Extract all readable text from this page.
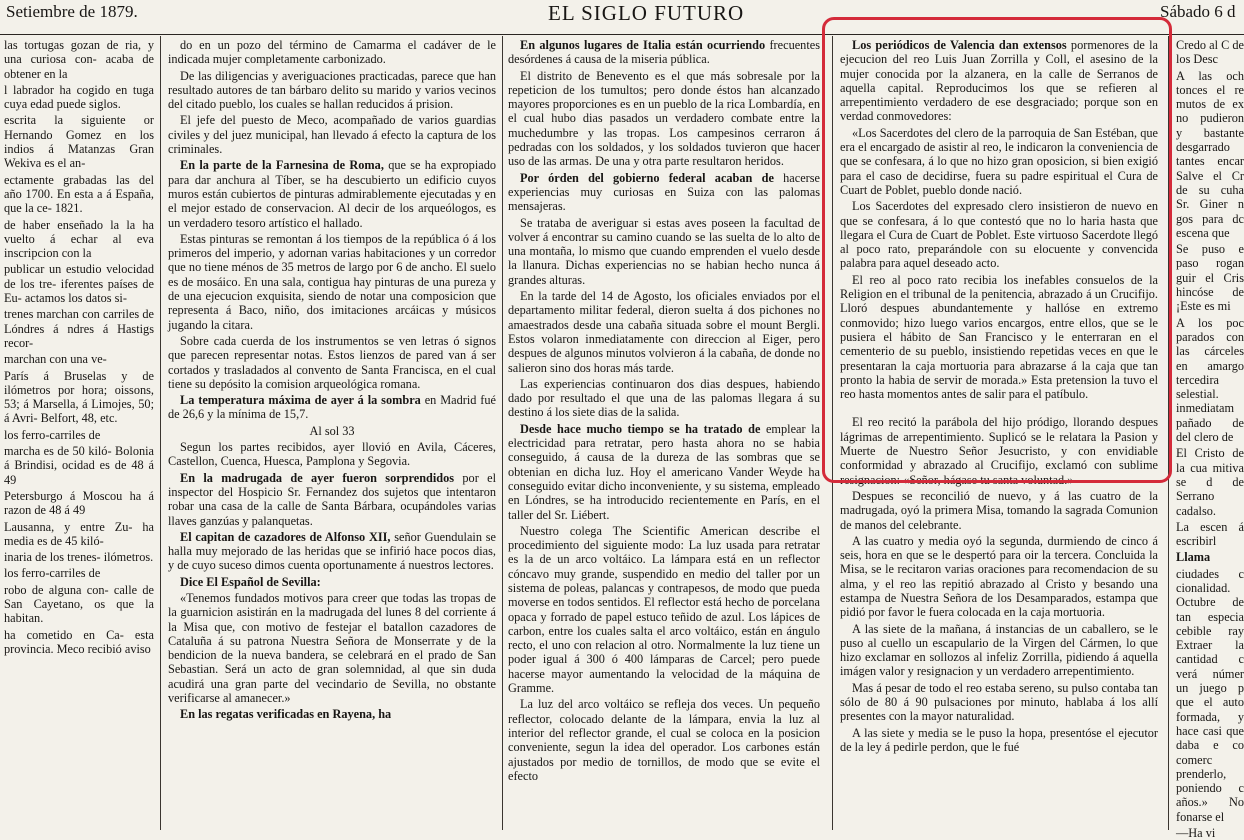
Setiembre de 1879.	EL SIGLO FUTURO	Sábado 6 d

las tortugas gozan de ria, y una curiosa con- acaba de obtener en la

l labrador ha cogido en tuga cuya edad puede siglos.

escrita la siguiente or Hernando Gomez en los indios á Matanzas Gran Wekiva es el an-

ectamente grabadas las del año 1700. En esta a á España, que la ce- 1821.

de haber enseñado la la ha vuelto á echar al eva inscripcion con la

publicar un estudio velocidad de los tre- iferentes países de Eu- actamos los datos si-

trenes marchan con carriles de Lóndres á ndres á Hastigs recor-

marchan con una ve-

París á Bruselas y de ilómetros por hora; oissons, 53; á Marsella, á Limojes, 50; á Avri- Belfort, 48, etc.

los ferro-carriles de

marcha es de 50 kiló- Bolonia á Brindisi, ocidad es de 48 á 49

Petersburgo á Moscou ha á razon de 48 á 49

Lausanna, y entre Zu- ha media es de 45 kiló-

inaria de los trenes- ilómetros.

los ferro-carriles de

robo de alguna con- calle de San Cayetano, os que la habitan.

ha cometido en Ca- esta provincia. Meco recibió aviso

do en un pozo del término de Camarma el cadáver de le indicada mujer completamente carbonizado.

De las diligencias y averiguaciones practicadas, parece que han resultado autores de tan bárbaro delito su marido y varios vecinos del citado pueblo, los cuales se hallan reducidos á prision.

El jefe del puesto de Meco, acompañado de varios guardias civiles y del juez municipal, han llevado á efecto la captura de los criminales.

En la parte de la Farnesina de Roma, que se ha expropiado para dar anchura al Tíber, se ha descubierto un edificio cuyos muros están cubiertos de pinturas admirablemente ejecutadas y en el mejor estado de conservacion. Al decir de los arqueólogos, es un verdadero tesoro artístico el hallado.

Estas pinturas se remontan á los tiempos de la república ó á los primeros del imperio, y adornan varias habitaciones y un corredor que no tiene ménos de 35 metros de largo por 6 de ancho. El suelo es de mosáico. En una sala, contigua hay pinturas de una pureza y de una ejecucion exquisita, siendo de notar una composicion que representa á Baco, niño, dos imitaciones arcáicas y músicos jugando la citara.

Sobre cada cuerda de los instrumentos se ven letras ó signos que parecen representar notas. Estos lienzos de pared van á ser cortados y trasladados al convento de Santa Francisca, en el cual tiene su depósito la comision arqueológica romana.

La temperatura máxima de ayer á la sombra en Madrid fué de 26,6 y la mínima de 15,7.

Al sol 33

Segun los partes recibidos, ayer llovió en Avila, Cáceres, Castellon, Cuenca, Huesca, Pamplona y Segovia.

En la madrugada de ayer fueron sorprendidos por el inspector del Hospicio Sr. Fernandez dos sujetos que intentaron robar una casa de la calle de Santa Bárbara, ocupándoles varias llaves ganzúas y palanquetas.

El capitan de cazadores de Alfonso XII, señor Guendulain se halla muy mejorado de las heridas que se infirió hace pocos dias, y de cuyo suceso dimos cuenta oportunamente á nuestros lectores.

Dice El Español de Sevilla:

«Tenemos fundados motivos para creer que todas las tropas de la guarnicion asistirán en la madrugada del lunes 8 del corriente á la Misa que, con motivo de festejar el batallon cazadores de Cataluña á su patrona Nuestra Señora de Monserrate y de la bendicion de la nueva bandera, se celebrará en el prado de San Sebastian. Será un acto de gran solemnidad, al que sin duda acudirá una gran parte del vecindario de Sevilla, no obstante verificarse al amanecer.»

En las regatas verificadas en Rayena, ha

En algunos lugares de Italia están ocurriendo frecuentes desórdenes á causa de la miseria pública.

El distrito de Benevento es el que más sobresale por la repeticion de los tumultos; pero donde éstos han alcanzado mayores proporciones es en un pueblo de la rica Lombardía, en el cual hubo dias pasados un verdadero combate entre la muchedumbre y las tropas. Los campesinos cerraron á pedradas con los soldados, y los soldados tuvieron que hacer uso de las armas. De una y otra parte resultaron heridos.

Por órden del gobierno federal acaban de hacerse experiencias muy curiosas en Suiza con las palomas mensajeras.

Se trataba de averiguar si estas aves poseen la facultad de volver á encontrar su camino cuando se las suelta de lo alto de una montaña, lo mismo que cuando emprenden el vuelo desde la llanura. Dichas experiencias no se habian hecho nunca á grandes alturas.

En la tarde del 14 de Agosto, los oficiales enviados por el departamento militar federal, dieron suelta á dos pichones no amaestrados desde una cabaña situada sobre el mount Bergli. Estos volaron inmediatamente con direccion al Eiger, pero despues de algunos minutos volvieron á la cabaña, de donde no salieron sino dos horas más tarde.

Las experiencias continuaron dos dias despues, habiendo dado por resultado el que una de las palomas llegara á su destino á los siete dias de la salida.

Desde hace mucho tiempo se ha tratado de emplear la electricidad para retratar, pero hasta ahora no se habia conseguido, á causa de la dureza de las sombras que se obtenian en dicha luz. Hoy el americano Vander Weyde ha conseguido evitar dicho inconveniente, y su sistema, empleado en Lóndres, se ha introducido recientemente en París, en el taller del Sr. Liébert.

Nuestro colega The Scientific American describe el procedimiento del siguiente modo: La luz usada para retratar es la de un arco voltáico. La lámpara está en un reflector cóncavo muy grande, suspendido en medio del taller por un sistema de poleas, palancas y contrapesos, de modo que pueda moverse en todos sentidos. El reflector está hecho de porcelana opaca y forrado de papel estuco teñido de azul. Los lápices de carbon, entre los cuales salta el arco voltáico, están en ángulo recto, el uno con relacion al otro. Normalmente la luz tiene un poder igual á 300 ó 400 lámparas de Carcel; pero puede hacerse mayor aumentando la velocidad de la máquina de Gramme.

La luz del arco voltáico se refleja dos veces. Un pequeño reflector, colocado delante de la lámpara, envia la luz al interior del reflector grande, el cual se coloca en la posicion conveniente, segun la idea del operador. Los carbones están ajustados por medio de tornillos, de modo que se evite el efecto

Los periódicos de Valencia dan extensos pormenores de la ejecucion del reo Luis Juan Zorrilla y Coll, el asesino de la mujer conocida por la alzanera, en la calle de Serranos de aquella capital. Reproducimos los que se refieren al arrepentimiento verdadero de ese desgraciado; porque son en verdad conmovedores:

«Los Sacerdotes del clero de la parroquia de San Estéban, que era el encargado de asistir al reo, le indicaron la conveniencia de que se confesara, á lo que no hizo gran oposicion, si bien exigió para el caso de decidirse, fuera su padre espiritual el Cura de Cuart de Poblet, pueblo donde nació.

Los Sacerdotes del expresado clero insistieron de nuevo en que se confesara, á lo que contestó que no lo haria hasta que llegara el Cura de Cuart de Poblet. Este virtuoso Sacerdote llegó al poco rato, preparándole con su elocuente y convencida palabra para aquel deseado acto.

El reo al poco rato recibia los inefables consuelos de la Religion en el tribunal de la penitencia, abrazado á un Crucifijo. Lloró despues abundantemente y hallóse en extremo conmovido; hizo luego varios encargos, entre ellos, que se le pusiera el hábito de San Francisco y le enterraran en el cementerio de su pueblo, insistiendo repetidas veces en que le presentaran la caja mortuoria para abrazarse á la caja que tan pronto la habia de servir de morada.» Esta pretension la tuvo el reo hasta momentos antes de salir para el patíbulo.

El reo recitó la parábola del hijo pródigo, llorando despues lágrimas de arrepentimiento. Suplicó se le relatara la Pasion y Muerte de Nuestro Señor Jesucristo, y con envidiable conformidad y abrazado al Crucifijo, exclamó con sublime resignacion: «Señor, hágase tu santa voluntad.»

Despues se reconcilió de nuevo, y á las cuatro de la madrugada, oyó la primera Misa, tomando la sagrada Comunion de manos del celebrante.

A las cuatro y media oyó la segunda, durmiendo de cinco á seis, hora en que se le despertó para oir la tercera. Concluida la Misa, se le recitaron varias oraciones para recomendacion de su alma, y el reo las repitió abrazado al Cristo y besando una estampa de Nuestra Señora de los Desamparados, estampa que pidió por favor le fuera colocada en la caja mortuoria.

A las siete de la mañana, á instancias de un caballero, se le puso al cuello un escapulario de la Virgen del Cármen, lo que hizo exclamar en sollozos al infeliz Zorrilla, pidiendo á aquella imágen valor y resignacion y un verdadero arrepentimiento.

Mas á pesar de todo el reo estaba sereno, su pulso contaba tan sólo de 80 á 90 pulsaciones por minuto, hablaba á los allí presentes con la mayor naturalidad.

A las siete y media se le puso la hopa, presentóse el ejecutor de la ley á pedirle perdon, que le fué

Credo al C de los Desc

A las och tonces el re mutos de ex no pudieron y bastante desgarrado tantes encar Salve el Cr de su cuha Sr. Giner n gos para dc escena que

Se puso e paso rogan guir el Cris hincóse de ¡Este es mi

A los poc parados con las cárceles en amargo tercedira selestial. inmediatam pañado de del clero de

El Cristo de la cua mitiva se d de Serrano cadalso.

La escen á escribirl

Llama

ciudades c cionalidad. Octubre de tan especia cebible ray Extraer la cantidad c verá númer un juego p que el auto formada, y hace casi que daba e co comerc prenderlo, poniendo c años.» No fonarse el

—Ha vi
